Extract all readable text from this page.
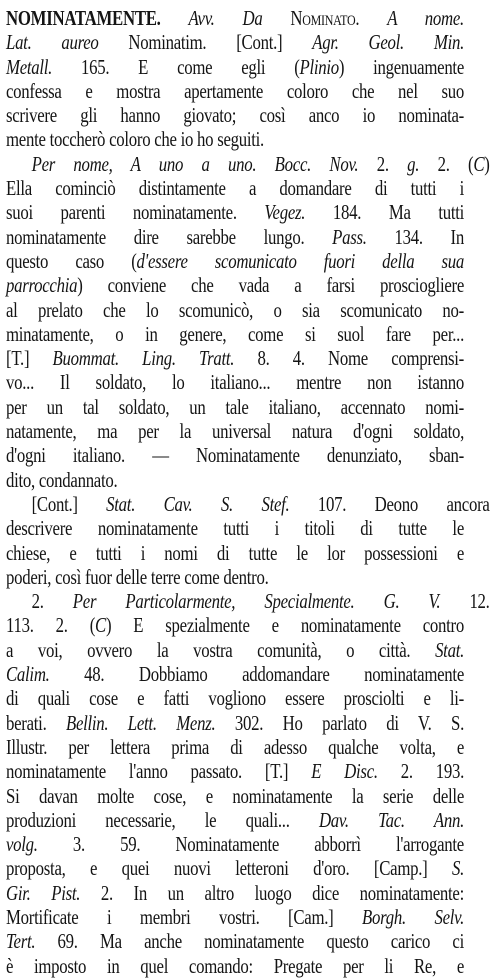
NOMINATAMENTE. Avv. Da Nominato. A nome.
Lat. aureo Nominatim. [Cont.] Agr. Geol. Min.
Metall. 165. E come egli (Plinio) ingenuamente
confessa e mostra apertamente coloro che nel suo
scrivere gli hanno giovato; così anco io nominata-
mente toccherò coloro che io ho seguiti.
Per nome, A uno a uno. Bocc. Nov. 2. g. 2. (C)
Ella cominciò distintamente a domandare di tutti i
suoi parenti nominatamente. Vegez. 184. Ma tutti
nominatamente dire sarebbe lungo. Pass. 134. In
questo caso (d'essere scomunicato fuori della sua
parrocchia) conviene che vada a farsi prosciogliere
al prelato che lo scomunicò, o sia scomunicato no-
minatamente, o in genere, come si suol fare per...
[T.] Buommat. Ling. Tratt. 8. 4. Nome comprensi-
vo... Il soldato, lo italiano... mentre non istanno
per un tal soldato, un tale italiano, accennato nomi-
natamente, ma per la universal natura d'ogni soldato,
d'ogni italiano. — Nominatamente denunziato, sban-
dito, condannato.
[Cont.] Stat. Cav. S. Stef. 107. Deono ancora
descrivere nominatamente tutti i titoli di tutte le
chiese, e tutti i nomi di tutte le lor possessioni e
poderi, così fuor delle terre come dentro.
2. Per Particolarmente, Specialmente. G. V. 12.
113. 2. (C) E spezialmente e nominatamente contro
a voi, ovvero la vostra comunità, o città. Stat.
Calim. 48. Dobbiamo addomandare nominatamente
di quali cose e fatti vogliono essere prosciolti e li-
berati. Bellin. Lett. Menz. 302. Ho parlato di V. S.
Illustr. per lettera prima di adesso qualche volta, e
nominatamente l'anno passato. [T.] E Disc. 2. 193.
Si davan molte cose, e nominatamente la serie delle
produzioni necessarie, le quali... Dav. Tac. Ann.
volg. 3. 59. Nominatamente abborrì l'arrogante
proposta, e quei nuovi letteroni d'oro. [Camp.] S.
Gir. Pist. 2. In un altro luogo dice nominatamente:
Mortificate i membri vostri. [Cam.] Borgh. Selv.
Tert. 69. Ma anche nominatamente questo carico ci
è imposto in quel comando: Pregate per li Re, e
